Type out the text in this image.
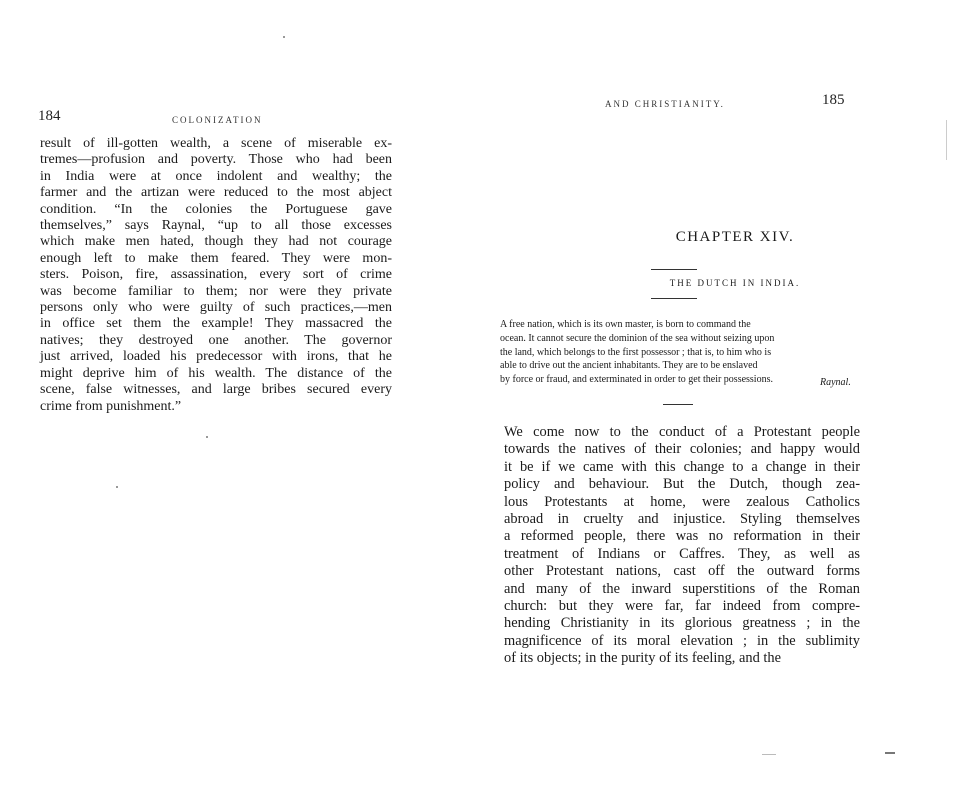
184	COLONIZATION
result of ill-gotten wealth, a scene of miserable ex-
tremes—profusion and poverty. Those who had been
in India were at once indolent and wealthy; the
farmer and the artizan were reduced to the most abject
condition. “In the colonies the Portuguese gave
themselves,” says Raynal, “up to all those excesses
which make men hated, though they had not courage
enough left to make them feared. They were mon-
sters. Poison, fire, assassination, every sort of crime
was become familiar to them; nor were they private
persons only who were guilty of such practices,—men
in office set them the example! They massacred the
natives; they destroyed one another. The governor
just arrived, loaded his predecessor with irons, that he
might deprive him of his wealth. The distance of the
scene, false witnesses, and large bribes secured every
crime from punishment.”
AND CHRISTIANITY.	185
CHAPTER XIV.
THE DUTCH IN INDIA.
A free nation, which is its own master, is born to command the
ocean. It cannot secure the dominion of the sea without seizing upon
the land, which belongs to the first possessor ; that is, to him who is
able to drive out the ancient inhabitants. They are to be enslaved
by force or fraud, and exterminated in order to get their possessions.	Raynal.
We come now to the conduct of a Protestant people
towards the natives of their colonies; and happy would
it be if we came with this change to a change in their
policy and behaviour. But the Dutch, though zea-
lous Protestants at home, were zealous Catholics
abroad in cruelty and injustice. Styling themselves
a reformed people, there was no reformation in their
treatment of Indians or Caffres. They, as well as
other Protestant nations, cast off the outward forms
and many of the inward superstitions of the Roman
church: but they were far, far indeed from compre-
hending Christianity in its glorious greatness ; in the
magnificence of its moral elevation ; in the sublimity
of its objects; in the purity of its feeling, and the
